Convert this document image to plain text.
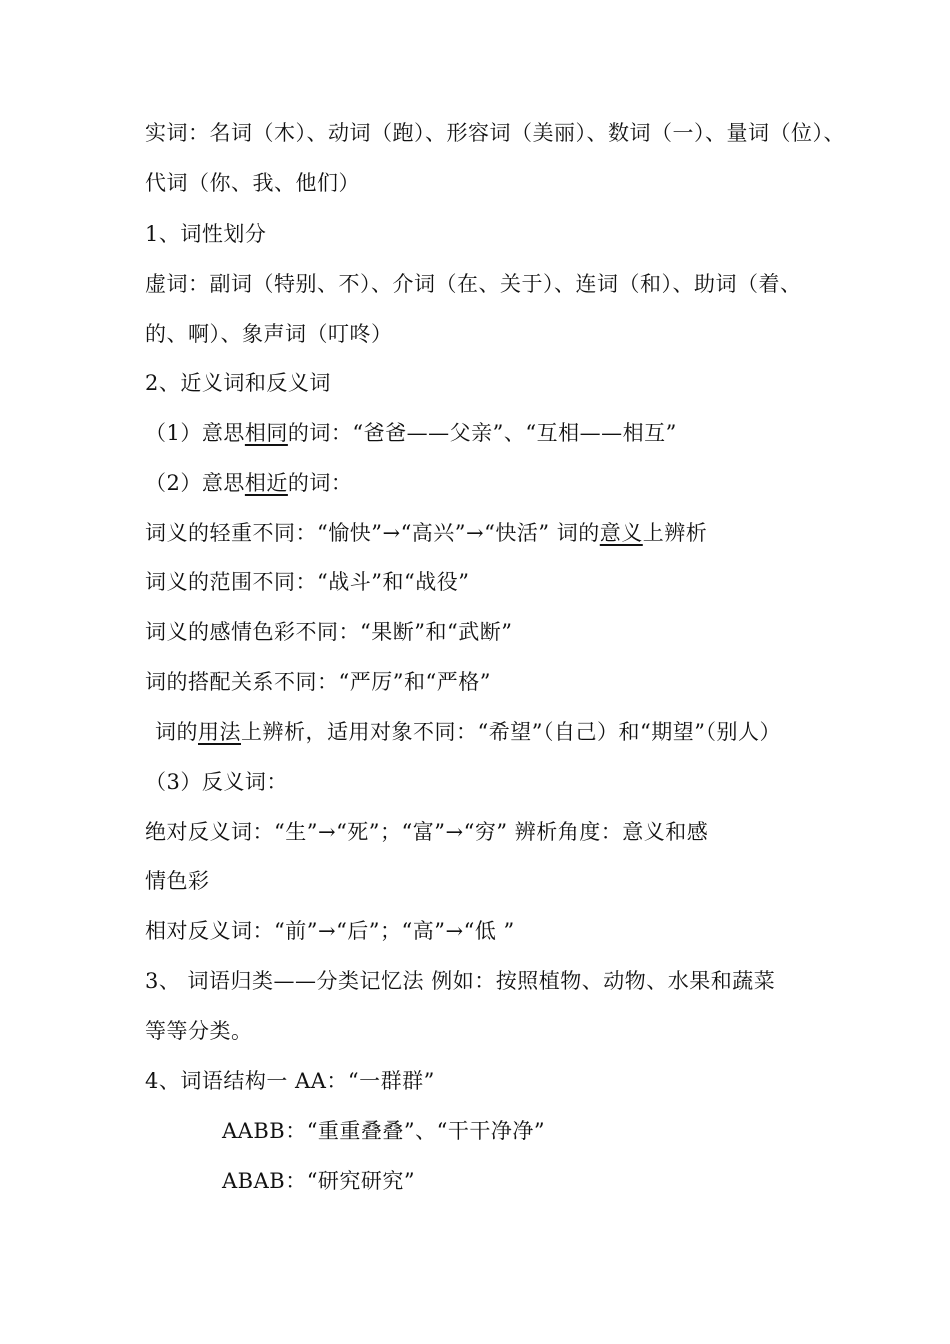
实词：名词（木）、动词（跑）、形容词（美丽）、数词（一）、量词（位）、
代词（你、我、他们）
1、词性划分
虚词：副词（特别、不）、介词（在、关于）、连词（和）、助词（着、
的、啊）、象声词（叮咚）
2、近义词和反义词
（1）意思相同的词：“爸爸——父亲”、“互相——相互”
（2）意思相近的词：
词义的轻重不同：“愉快”→“高兴”→“快活” 词的意义上辨析
词义的范围不同：“战斗”和“战役”
词义的感情色彩不同：“果断”和“武断”
词的搭配关系不同：“严厉”和“严格”
词的用法上辨析，适用对象不同：“希望”（自己）和“期望”（别人）
（3）反义词：
绝对反义词：“生”→“死”；“富”→“穷” 辨析角度：意义和感
情色彩
相对反义词：“前”→“后”；“高”→“低 ”
3、 词语归类——分类记忆法 例如：按照植物、动物、水果和蔬菜
等等分类。
4、词语结构一 AA：“一群群”
AABB：“重重叠叠”、“干干净净”
ABAB：“研究研究”
